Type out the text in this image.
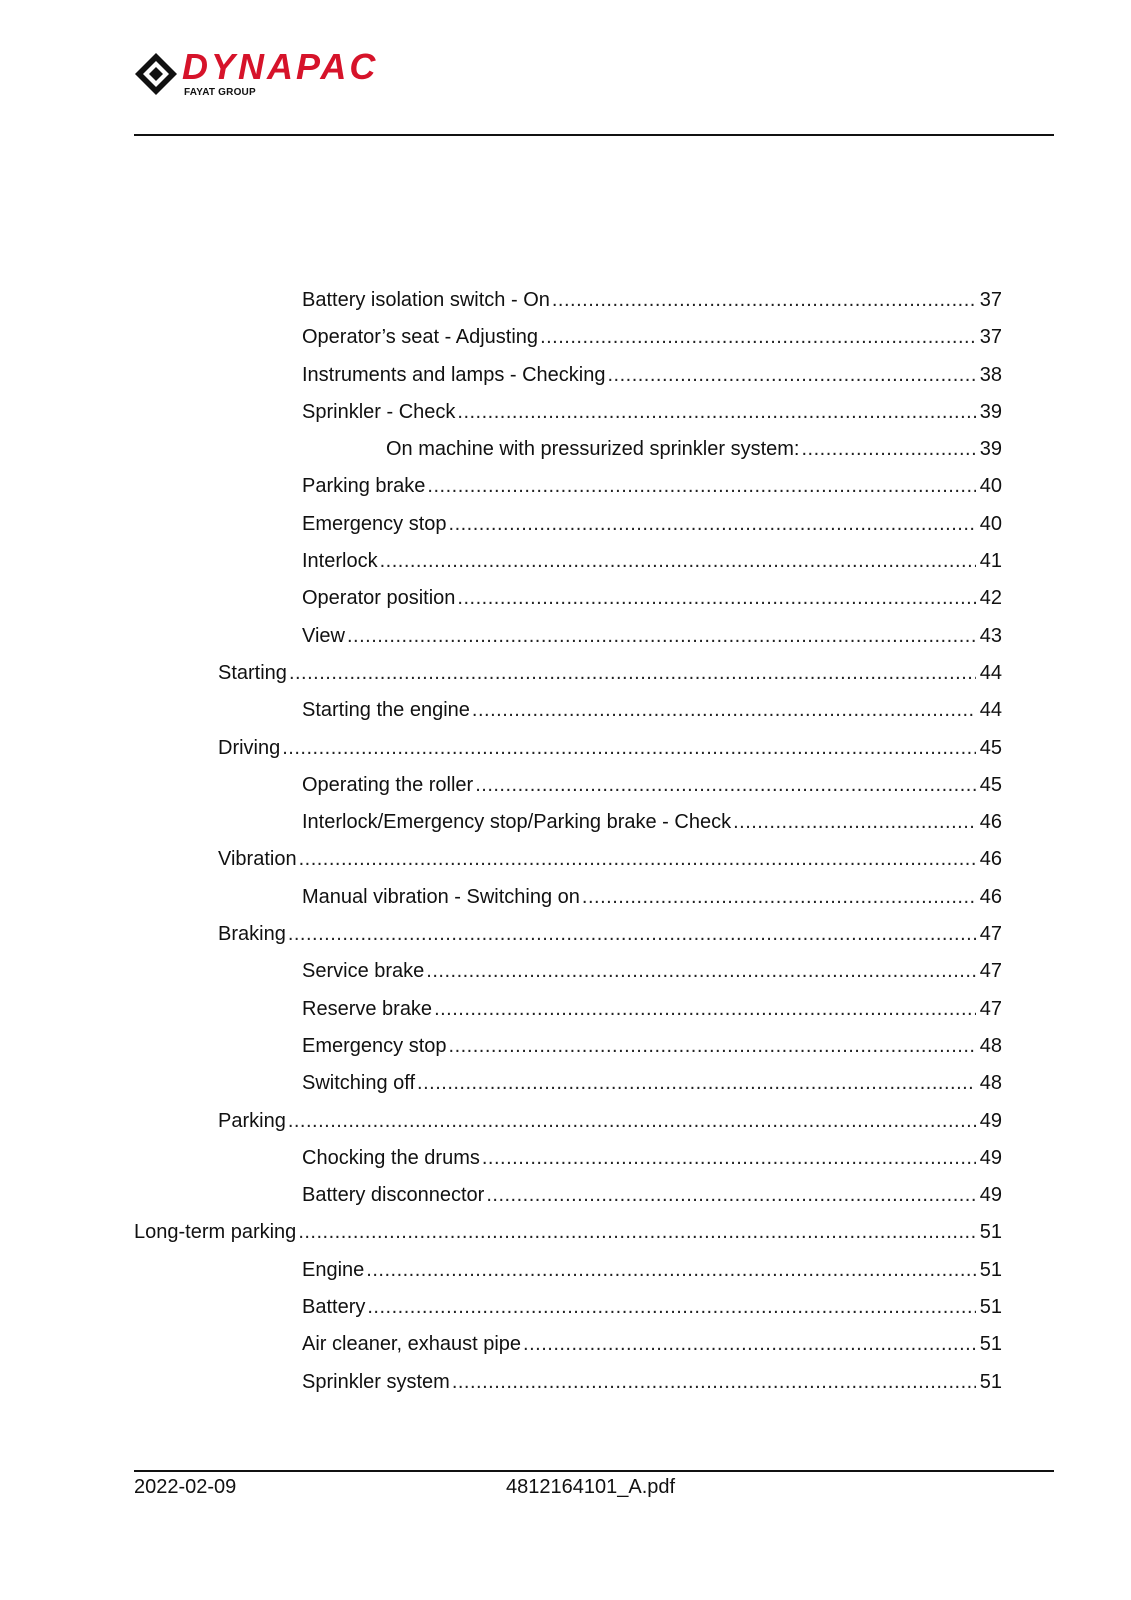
DYNAPAC
FAYAT GROUP
Battery isolation switch - On .....	37
Operator’s seat - Adjusting .....	37
Instruments and lamps - Checking .....	38
Sprinkler - Check .....	39
On machine with pressurized sprinkler system: .....	39
Parking brake .....	40
Emergency stop .....	40
Interlock .....	41
Operator position .....	42
View .....	43
Starting .....	44
Starting the engine .....	44
Driving .....	45
Operating the roller .....	45
Interlock/Emergency stop/Parking brake - Check .....	46
Vibration .....	46
Manual vibration - Switching on .....	46
Braking .....	47
Service brake .....	47
Reserve brake .....	47
Emergency stop .....	48
Switching off .....	48
Parking .....	49
Chocking the drums .....	49
Battery disconnector .....	49
Long-term parking .....	51
Engine .....	51
Battery .....	51
Air cleaner, exhaust pipe .....	51
Sprinkler system .....	51
2022-02-09	4812164101_A.pdf
